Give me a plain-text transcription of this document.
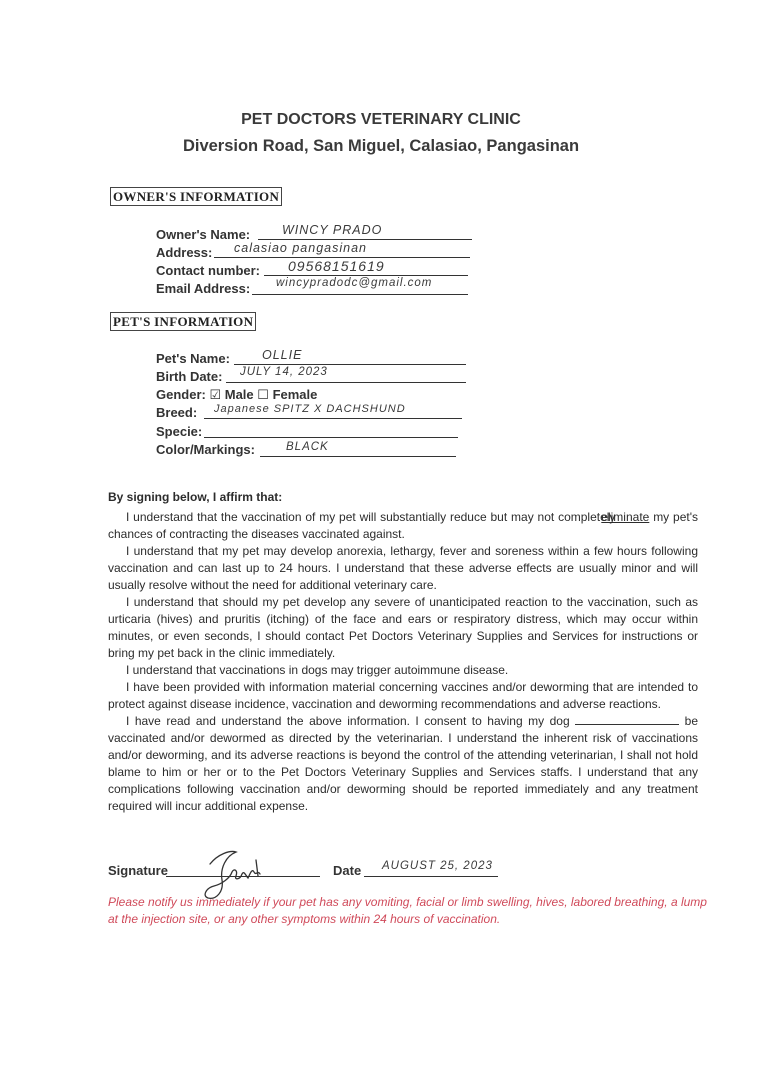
PET DOCTORS VETERINARY CLINIC
Diversion Road, San Miguel, Calasiao, Pangasinan
OWNER'S INFORMATION
Owner's Name:	WINCY PRADO
Address: calasiao pangasinan
Contact number: 09568151619
Email Address: wincypradodc@gmail.com
PET'S INFORMATION
Pet's Name:	OLLIE
Birth Date: JULY 14, 2023
Gender: ☑ Male ☐ Female
Breed: Japanese SPITZ X DACHSHUND
Specie:
Color/Markings:	BLACK
By signing below, I affirm that:

I understand that the vaccination of my pet will substantially reduce but may not completely eliminate my pet's chances of contracting the diseases vaccinated against.

I understand that my pet may develop anorexia, lethargy, fever and soreness within a few hours following vaccination and can last up to 24 hours. I understand that these adverse effects are usually minor and will usually resolve without the need for additional veterinary care.

I understand that should my pet develop any severe of unanticipated reaction to the vaccination, such as urticaria (hives) and pruritis (itching) of the face and ears or respiratory distress, which may occur within minutes, or even seconds, I should contact Pet Doctors Veterinary Supplies and Services for instructions or bring my pet back in the clinic immediately.

I understand that vaccinations in dogs may trigger autoimmune disease.

I have been provided with information material concerning vaccines and/or deworming that are intended to protect against disease incidence, vaccination and deworming recommendations and adverse reactions.

I have read and understand the above information. I consent to having my dog	be vaccinated and/or dewormed as directed by the veterinarian. I understand the inherent risk of vaccinations and/or deworming, and its adverse reactions is beyond the control of the attending veterinarian, I shall not hold blame to him or her or to the Pet Doctors Veterinary Supplies and Services staffs. I understand that any complications following vaccination and/or deworming should be reported immediately and any treatment required will incur additional expense.

Signature	Date AUGUST 25, 2023
Please notify us immediately if your pet has any vomiting, facial or limb swelling, hives, labored breathing, a lump at the injection site, or any other symptoms within 24 hours of vaccination.
